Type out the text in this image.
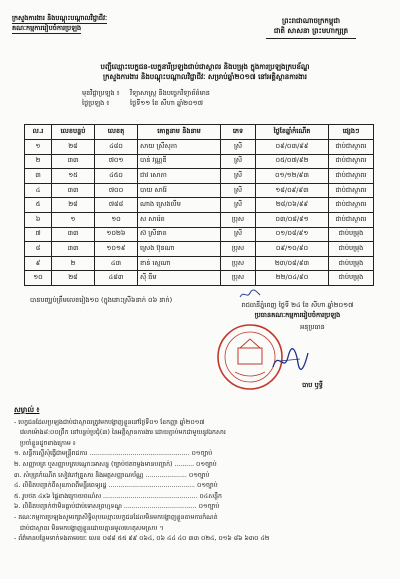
ក្រសួងការងារ និងបណ្តុះបណ្តាលវិជ្ជាជីវៈ
គណៈកម្មការរៀបចំការប្រឡង
ព្រះរាជាណាចក្រកម្ពុជា
ជាតិ សាសនា ព្រះមហាក្សត្រ
បញ្ជីឈ្មោះបេក្ខជន-បេក្ខនារីប្រឡងជាប់ជាស្ថាពរ និងបម្រុង ក្នុងការប្រឡងក្របខ័ណ្ឌ
ក្រសួងការងារ និងបណ្តុះបណ្តាលវិជ្ជាជីវៈ សម្រាប់ឆ្នាំ២០១៧ នៅអគ្គិស្ថានការងារ
មុខវិជ្ជាប្រឡង ៖ វិទ្យាសាស្ត្រ និងបច្ចេកវិទ្យាព័ត៌មាន
ថ្ងៃប្រឡង ៖	ថ្ងៃទី១១ ខែ សីហា ឆ្នាំ២០១៧
ល.រ	លេខបន្ទប់	លេខតុ	គោត្តនាម និងនាម	ភេទ	ថ្ងៃខែឆ្នាំកំណើត	ផ្សេងៗ
១	២៨	៤៨០	សាយ ស្រីសុភា	ស្រី	០៩/០៣/៩៩	ជាប់ជាស្ថាពរ
២	៣៣	៧០១	បាន់ វណ្ណឌី	ស្រី	០៥/០៧/៩២	ជាប់ជាស្ថាពរ
៣	១៥	៤៥០	ជាវ សោភា	ស្រី	០១/១២/៩៣	ជាប់ជាស្ថាពរ
៤	៣៣	៧០០	បាយ សារ៉ែ	ស្រី	១៨/០៩/៩៣	ជាប់ជាស្ថាពរ
៥	២៨	៧៨៨	ណាង ស្រេងលីម	ស្រី	២៨/០៦/៩៩	ជាប់ជាស្ថាពរ
៦	១	១០	ស សារ៉េត	ប្រុស	០៣/០៨/៩១	ជាប់ជាស្ថាពរ
៧	៣៣	១០២៦	ស៊ ស្រីនាត	ស្រី	០១/០៨/៩១	ជាប់បម្រុង
៨	៣៣	១០១៩	ស្រេង ប៊ុនណា	ប្រុស	០៩/១០/៩០	ជាប់បម្រុង
៩	២	៤៣	ខាន់ ស្មេណា	ប្រុស	២៣/០៨/៩៣	ជាប់បម្រុង
១០	២៨	៤៨៣	ស៊ី ធីម	ប្រុស	២២/០៤/៩០	ជាប់បម្រុង
បានបញ្ឈប់ត្រឹមលេខរៀង១០ (ក្នុងនោះស្រី៦នាក់ ០៦ នាក់)
រាជធានីភ្នំពេញ ថ្ងៃទី ២៤ ខែ សីហា ឆ្នាំ២០១៧
ប្រធានគណៈកម្មការរៀបចំការប្រឡង
អនុប្រធាន
បាប ឫទ្ធី
សម្គាល់ ៖
- បេក្ខជនដែលប្រឡងជាប់ជាស្ថាពរត្រូវមកបង្ហាញខ្លួននៅថ្ងៃទី០១ ខែកញ្ញា ឆ្នាំ២០១៧
វេលាម៉ោង៨:០០ព្រឹក នៅបន្ទប់ប្រជុំ(៣) នៃអគ្គិស្ថានការងារ ដោយភ្ជាប់មកជាមួយនូវឯកសារ
ប្រចាំខ្លួនដូចខាងក្រោម ៖
១. សន្លឹកស្នើសុំធ្វើជាមន្ត្រីរាជការ ................................................... ០១ច្បាប់
២. សញ្ញាបត្រ ឬសញ្ញាបត្របណ្តោះអាសន្ន (ច្បាប់ថតចម្លងមានបញ្ជាក់) .......... ០១ច្បាប់
៣. សំបុត្រកំណើត សៀវភៅគ្រួសារ និងអត្តសញ្ញាណប័ណ្ណ ..................... ០១ច្បាប់
៤. លិខិតបញ្ជាក់ពីសុខភាពពីមន្ទីរពេទ្យរដ្ឋ ............................................ ០១ច្បាប់
៥. រូបថត ៤x៦ ផ្ទៃខាងក្រោយពណ៌ស ................................................ ០៤សន្លឹក
៦. លិខិតបញ្ជាក់ថាមិនធ្លាប់ជាប់ទោសព្រហ្មទណ្ឌ ..................................... ០១ច្បាប់
- គណៈកម្មការប្រឡងសូមរក្សាសិទ្ធិលុបឈ្មោះបេក្ខជនដែលមិនមកបង្ហាញខ្លួនតាមការកំណត់
ជាប់ជាស្ថាពរ មិនមកបង្ហាញខ្លួនដោយគ្មានមូលហេតុសមស្រប ។
- ព័ត៌មានបន្ថែមទាក់ទងតាមរយៈ លេខ ០៨៨ ៥៥ ៩៩ ០៦៤, ០៦ ៤៤ ៤០ ៣៣ ០២៤, ០១៦ ៨៦ ៦៣០ ៤២
